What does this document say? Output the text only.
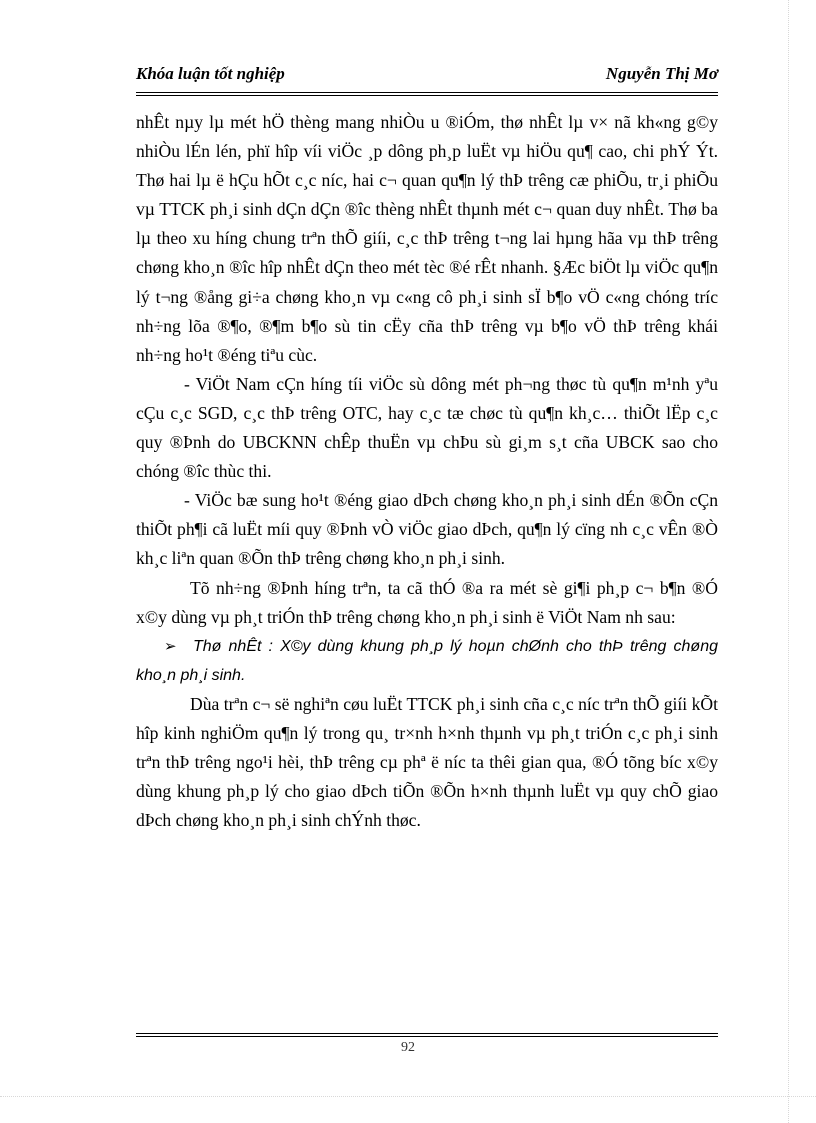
Khóa luận tốt nghiệp	Nguyễn Thị Mơ

nhÊt nµy lµ mét hÖ thèng mang nhiÒu u ®iÓm, thø nhÊt lµ v× nã kh«ng g©y nhiÒu lÉn lén, phï hîp víi viÖc ¸p dông ph¸p luËt vµ hiÖu qu¶ cao, chi phÝ Ýt. Thø hai lµ ë hÇu hÕt c¸c níc, hai c¬ quan qu¶n lý thÞ trêng cæ phiÕu, tr¸i phiÕu vµ TTCK ph¸i sinh dÇn dÇn ®îc thèng nhÊt thµnh mét c¬ quan duy nhÊt. Thø ba lµ theo xu híng chung trªn thÕ giíi, c¸c thÞ trêng t¬ng lai hµng hãa vµ thÞ trêng chøng kho¸n ®îc hîp nhÊt dÇn theo mét tèc ®é rÊt nhanh. §Æc biÖt lµ viÖc qu¶n lý t¬ng ®ång gi÷a chøng kho¸n vµ c«ng cô ph¸i sinh sÏ b¶o vÖ c«ng chóng tríc nh÷ng lõa ®¶o, ®¶m b¶o sù tin cËy cña thÞ trêng vµ b¶o vÖ thÞ trêng khái nh÷ng ho¹t ®éng tiªu cùc.

- ViÖt Nam cÇn híng tíi viÖc sù dông mét ph¬ng thøc tù qu¶n m¹nh yªu cÇu c¸c SGD, c¸c thÞ trêng OTC, hay c¸c tæ chøc tù qu¶n kh¸c… thiÕt lËp c¸c quy ®Þnh do UBCKNN chÊp thuËn vµ chÞu sù gi¸m s¸t cña UBCK sao cho chóng ®îc thùc thi.

- ViÖc bæ sung ho¹t ®éng giao dÞch chøng kho¸n ph¸i sinh dÉn ®Õn cÇn thiÕt ph¶i cã luËt míi quy ®Þnh vÒ viÖc giao dÞch, qu¶n lý cïng nh c¸c vÊn ®Ò kh¸c liªn quan ®Õn thÞ trêng chøng kho¸n ph¸i sinh.

Tõ nh÷ng ®Þnh híng trªn, ta cã thÓ ®a ra mét sè gi¶i ph¸p c¬ b¶n ®Ó x©y dùng vµ ph¸t triÓn thÞ trêng chøng kho¸n ph¸i sinh ë ViÖt Nam nh sau:

➢	Thø nhÊt : X©y dùng khung ph¸p lý hoµn chØnh cho thÞ trêng chøng kho¸n ph¸i sinh.

Dùa trªn c¬ së nghiªn cøu luËt TTCK ph¸i sinh cña c¸c níc trªn thÕ giíi kÕt hîp kinh nghiÖm qu¶n lý trong qu¸ tr×nh h×nh thµnh vµ ph¸t triÓn c¸c ph¸i sinh trªn thÞ trêng ngo¹i hèi, thÞ trêng cµ phª ë níc ta thêi gian qua, ®Ó tõng bíc x©y dùng khung ph¸p lý cho giao dÞch tiÕn ®Õn h×nh thµnh luËt vµ quy chÕ giao dÞch chøng kho¸n ph¸i sinh chÝnh thøc.

92
